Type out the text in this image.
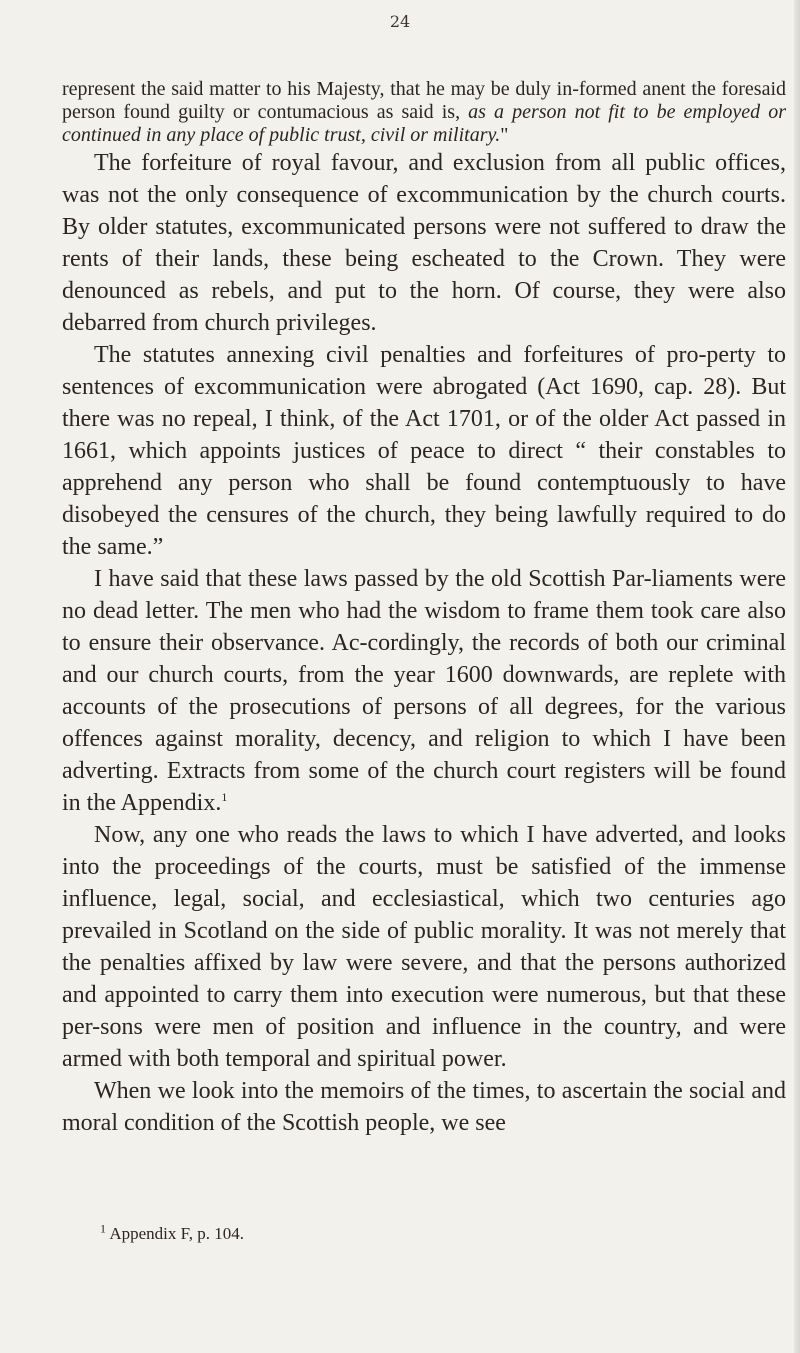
24

represent the said matter to his Majesty, that he may be duly in-formed anent the foresaid person found guilty or contumacious as said is, as a person not fit to be employed or continued in any place of public trust, civil or military."

The forfeiture of royal favour, and exclusion from all public offices, was not the only consequence of excommunication by the church courts. By older statutes, excommunicated persons were not suffered to draw the rents of their lands, these being escheated to the Crown. They were denounced as rebels, and put to the horn. Of course, they were also debarred from church privileges.

The statutes annexing civil penalties and forfeitures of pro-perty to sentences of excommunication were abrogated (Act 1690, cap. 28). But there was no repeal, I think, of the Act 1701, or of the older Act passed in 1661, which appoints justices of peace to direct “ their constables to apprehend any person who shall be found contemptuously to have disobeyed the censures of the church, they being lawfully required to do the same.”

I have said that these laws passed by the old Scottish Par-liaments were no dead letter. The men who had the wisdom to frame them took care also to ensure their observance. Ac-cordingly, the records of both our criminal and our church courts, from the year 1600 downwards, are replete with accounts of the prosecutions of persons of all degrees, for the various offences against morality, decency, and religion to which I have been adverting. Extracts from some of the church court registers will be found in the Appendix.$^1$

Now, any one who reads the laws to which I have adverted, and looks into the proceedings of the courts, must be satisfied of the immense influence, legal, social, and ecclesiastical, which two centuries ago prevailed in Scotland on the side of public morality. It was not merely that the penalties affixed by law were severe, and that the persons authorized and appointed to carry them into execution were numerous, but that these per-sons were men of position and influence in the country, and were armed with both temporal and spiritual power.

When we look into the memoirs of the times, to ascertain the social and moral condition of the Scottish people, we see

$^1$ Appendix F, p. 104.
